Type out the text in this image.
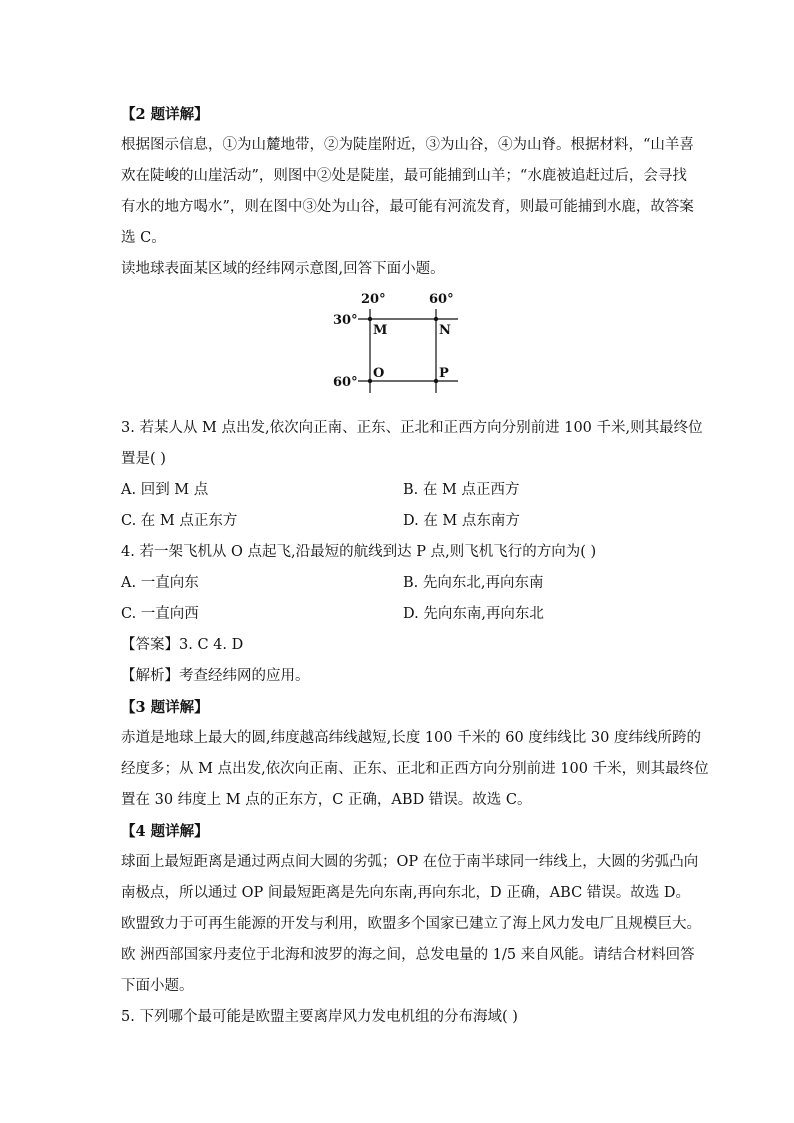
【2 题详解】
根据图示信息，①为山麓地带，②为陡崖附近，③为山谷，④为山脊。根据材料，“山羊喜
欢在陡峻的山崖活动”，则图中②处是陡崖，最可能捕到山羊；“水鹿被追赶过后，会寻找
有水的地方喝水”，则在图中③处为山谷，最可能有河流发育，则最可能捕到水鹿，故答案
选 C。
读地球表面某区域的经纬网示意图,回答下面小题。
20°	60°
30°
60°
M	N
O	P
3. 若某人从 M 点出发,依次向正南、正东、正北和正西方向分别前进 100 千米,则其最终位
置是( )
A. 回到 M 点	B. 在 M 点正西方
C. 在 M 点正东方	D. 在 M 点东南方
4. 若一架飞机从 O 点起飞,沿最短的航线到达 P 点,则飞机飞行的方向为( )
A. 一直向东	B. 先向东北,再向东南
C. 一直向西	D. 先向东南,再向东北
【答案】3. C 4. D
【解析】考查经纬网的应用。
【3 题详解】
赤道是地球上最大的圆,纬度越高纬线越短,长度 100 千米的 60 度纬线比 30 度纬线所跨的
经度多；从 M 点出发,依次向正南、正东、正北和正西方向分别前进 100 千米，则其最终位
置在 30 纬度上 M 点的正东方，C 正确，ABD 错误。故选 C。
【4 题详解】
球面上最短距离是通过两点间大圆的劣弧；OP 在位于南半球同一纬线上，大圆的劣弧凸向
南极点，所以通过 OP 间最短距离是先向东南,再向东北，D 正确，ABC 错误。故选 D。
欧盟致力于可再生能源的开发与利用，欧盟多个国家已建立了海上风力发电厂且规模巨大。
欧 洲西部国家丹麦位于北海和波罗的海之间，总发电量的 1/5 来自风能。请结合材料回答
下面小题。
5. 下列哪个最可能是欧盟主要离岸风力发电机组的分布海域( )
